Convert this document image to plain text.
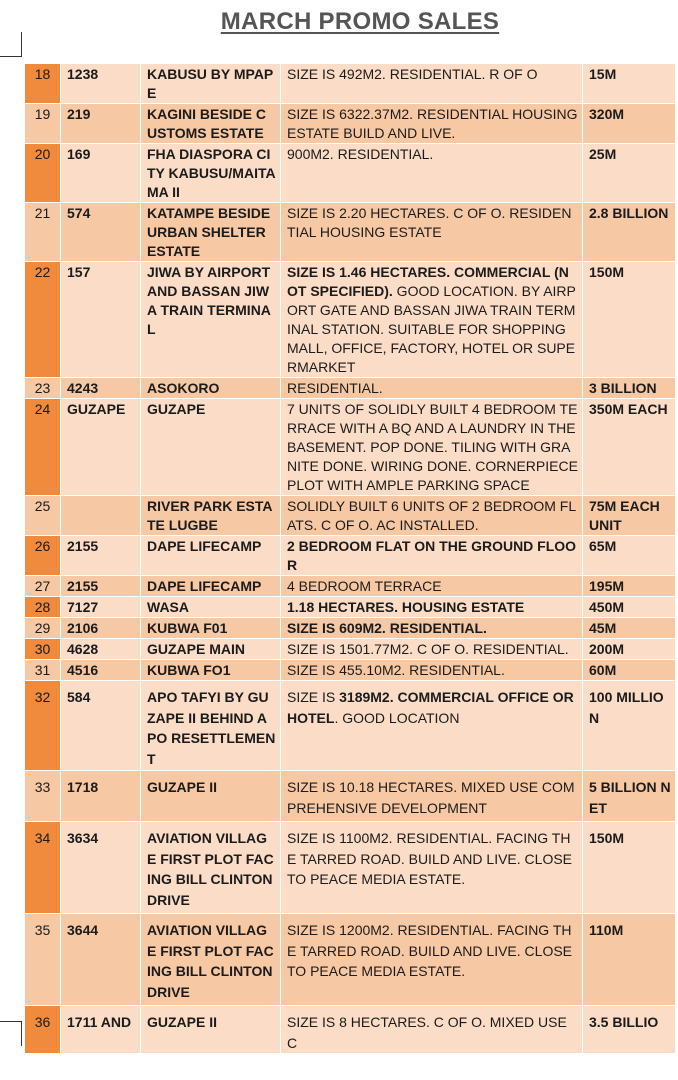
MARCH PROMO SALES
18	1238	KABUSU BY MPAPE	SIZE IS 492M2. RESIDENTIAL. R OF O	15M
19	219	KAGINI BESIDE CUSTOMS ESTATE	SIZE IS 6322.37M2. RESIDENTIAL HOUSING ESTATE BUILD AND LIVE.	320M
20	169	FHA DIASPORA CITY KABUSU/MAITAMA II	900M2. RESIDENTIAL.	25M
21	574	KATAMPE BESIDE URBAN SHELTER ESTATE	SIZE IS 2.20 HECTARES. C OF O. RESIDENTIAL HOUSING ESTATE	2.8 BILLION
22	157	JIWA BY AIRPORT AND BASSAN JIWA TRAIN TERMINAL	SIZE IS 1.46 HECTARES. COMMERCIAL (NOT SPECIFIED). GOOD LOCATION. BY AIRPORT GATE AND BASSAN JIWA TRAIN TERMINAL STATION. SUITABLE FOR SHOPPING MALL, OFFICE, FACTORY, HOTEL OR SUPERMARKET	150M
23	4243	ASOKORO	RESIDENTIAL.	3 BILLION
24	GUZAPE	GUZAPE	7 UNITS OF SOLIDLY BUILT 4 BEDROOM TERRACE WITH A BQ AND A LAUNDRY IN THE BASEMENT. POP DONE. TILING WITH GRANITE DONE. WIRING DONE. CORNERPIECE PLOT WITH AMPLE PARKING SPACE	350M EACH
25		RIVER PARK ESTATE LUGBE	SOLIDLY BUILT 6 UNITS OF 2 BEDROOM FLATS. C OF O. AC INSTALLED.	75M EACH UNIT
26	2155	DAPE LIFECAMP	2 BEDROOM FLAT ON THE GROUND FLOOR	65M
27	2155	DAPE LIFECAMP	4 BEDROOM TERRACE	195M
28	7127	WASA	1.18 HECTARES. HOUSING ESTATE	450M
29	2106	KUBWA F01	SIZE IS 609M2. RESIDENTIAL.	45M
30	4628	GUZAPE MAIN	SIZE IS 1501.77M2. C OF O. RESIDENTIAL.	200M
31	4516	KUBWA FO1	SIZE IS 455.10M2. RESIDENTIAL.	60M
32	584	APO TAFYI BY GUZAPE II BEHIND APO RESETTLEMENT	SIZE IS 3189M2. COMMERCIAL OFFICE OR HOTEL. GOOD LOCATION	100 MILLION
33	1718	GUZAPE II	SIZE IS 10.18 HECTARES. MIXED USE COMPREHENSIVE DEVELOPMENT	5 BILLION NET
34	3634	AVIATION VILLAGE FIRST PLOT FACING BILL CLINTON DRIVE	SIZE IS 1100M2. RESIDENTIAL. FACING THE TARRED ROAD. BUILD AND LIVE. CLOSE TO PEACE MEDIA ESTATE.	150M
35	3644	AVIATION VILLAGE FIRST PLOT FACING BILL CLINTON DRIVE	SIZE IS 1200M2. RESIDENTIAL. FACING THE TARRED ROAD. BUILD AND LIVE. CLOSE TO PEACE MEDIA ESTATE.	110M
36	1711 AND	GUZAPE II	SIZE IS 8 HECTARES. C OF O. MIXED USE C	3.5 BILLIO
